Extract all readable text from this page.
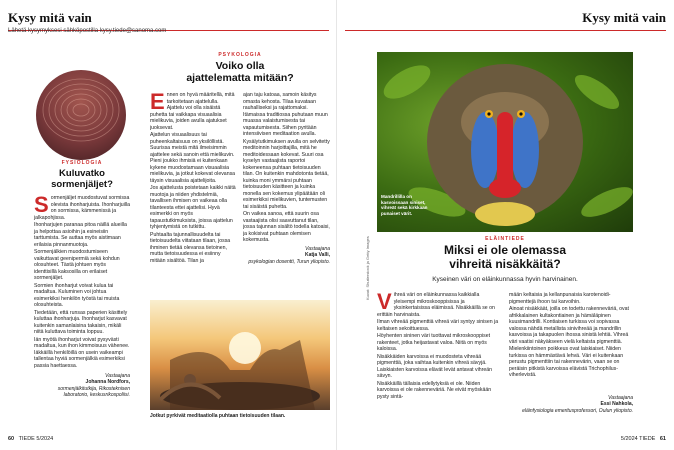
Kysy mitä vain
Lähetä kysymyksesi sähköpostilla kysy.tiede@sanoma.com
FYSIOLOGIA
Kuluvatko
sormenjäljet?

Sormenjäljet muodostuvat sormissa olevista ihonharjuista. Ihonharjuilla on sormissa, kämmenissä ja jalkapohjissa.

Ihonharjujen paranaa pitoa näillä alueilla ja helpottaa asioihin ja esineisiin tarttumista. Se auttaa myös aistimaan erilaisia pinnanmuotoja.

Sormenjälkien muodostumiseen vaikuttavat geenipermiä sekä kohdun olosuhteet. Tästä johtuen myös identtisillä kaksosilla on erilaiset sormenjäljet.

Sormien ihonharjut voivat kulua tai madaltua. Kuluminen voi johtua esimerkiksi henkilön työstä tai muista olosuhteista.

Tiedetään, että runsas paperien käsittely kuluttaa ihonharjuja. Ihonharjut kasvavat kuitenkin samanlaisina takaisin, mikäli niitä kuluttava toiminta loppuu.

Iän myötä ihonharjut voivat pysyvästi madaltua, kun ihon kimmoisuus vähenee. Iäkkäillä henkilöillä on usein vaikeampi tallentaa hyviä sormenjälkiä esimerkiksi passia haettaessa.

Vastaajana
Johanna Nordfors,
sormenjälkitutkija, Rikosteknisen laboratorio, keskusrikospoliisi.
PSYKOLOGIA
Voiko olla
ajattelematta mitään?

Ennen on hyvä määritellä, mitä tarkoitetaan ajattelulla. Ajattelu voi olla sisäistä puhetta tai vaikkapa visuaalisia mielikuvia, joiden avulla ajatukset juoksevat.

Ajattelun visuaalisuus tai puheenkaltaisuus on yksilöllistä. Suurissa meistä mitä ilmeisimmin ajattelee sekä sanoin että mielikuvin. Pieni joukko ihmisiä ei kuitenkaan kykene muodostamaan visuaalisia mielikuvia, ja jotkut kokevat olevansa täysin visuaalisia ajattelijoita.

Jos ajattelusta poistetaan kaikki näitä muotoja ja niiden yhdistelmiä, tavallisen ihmisen on vaikeaa olla tilanteesta ettei ajattelisi. Hyvä esimerkki on myös tapaustutkimuksista, joissa ajattelun tyhjentymistä on tutkittu.

Puhtaalta tajunnallisuudelta tai tietoisuudelta viitataan tilaan, jossa ihminen tietää olevansa tietoinen, mutta tietoisuudessa ei esiinny mitään sisältöä. Tilan ja

ajan taju katoaa, samoin käsitys omasta kehosta. Tilaa kuvataan rauhalliseksi ja rajattomaksi. Itämaissa traditiossa puhutaan muun muassa valaistumisesta tai vapautumisesta. Siihen pyritään intensiivisen meditaation avulla.

Kysälytutkimuksen avulla on selvitetty meditoinnin harjoittajilla, mitä he meditoidessaan kokevat. Suuri osa kyselyn vastaajista raportoi kokeneensa puhtaan tietoisuuden tilan. On kuitenkin mahdotonta tietää, kuinka moni ymmärsi puhtaan tietoisuuden käsitteen ja kuinka monella sen kokemus ylipäätään oli esimerkiksi mielikuvien, tuntemusten tai sisäistä puhetta.

On vaikea sanoa, että suurin osa vastaajista olisi saavuttanut tilan, jossa tajunnan sisältö todella katoaisi, ja kokisivat puhtaan olemisen kokemusta.

Vastaajana
Katja Valli,
psykologian dosentti, Turun yliopisto.
Jotkut pyrkivät meditaatiolla puhtaan tietoisuuden tilaan.
60 TIEDE 5/2024
Kysy mitä vain
Mandrillilla on kasvoissaan siniset, vihreät sekä kirkkaan punaiset värit.
Kuvat: Shutterstock ja Getty Images	ELÄINTIEDE
Miksi ei ole olemassa
vihreitä nisäkkäitä?
Kyseinen väri on eläinkunnassa hyvin harvinainen.

Vihreä väri on eläinkunnassa kaikkialla yleisempi mikroskooppisissa ja yksinkertaisissa eläimissä. Nisäkkäillä se on erittäin harvinaista.

Ilman vihreää pigmenttiä vihreä väri syntyy sinisen ja keltaisen sekoittuessa.

Höyhenten sininen väri tuottavat mikroskooppiset rakenteet, jotka heijastavat valoa. Niitä on myös kaloissa.

Nisäkkäiden karvoissa ei muodosteta vihreää pigmenttiä, joka vaihtaa kuitenkin vihreä sävyjä. Laiskiaisten karvoissa elävät levät antavat vihreän sävyn.

Nisäkkäillä tällaisia edellytyksiä ei ole. Niiden karvoissa ei ole rakenneväriä. Ne eivät myöskään pysty sintä-

mään keltaisia ja kellanpunaisia karotenoidi-pigmenttejä ihoon tai karvoihin.

Ainoat nisäkkäät, joilla on todettu rakenneväriä, ovat afrikkalainen kultakontiainen ja hämäläpinen kuusimandrilli. Kontiaisen turkissa voi sopivassa valossa nähdä metallista sinivihreää ja mandrillin kasvoissa ja takapuolen ihossa sinistä lehtiä. Vihreä väri vaatisi näkyäkseen vielä keltaista pigmenttiä.

Mielenkiintoinen poikkeus ovat laiskiaiset. Niiden turkissa on hämmästävä lehvä. Väri ei kuitenkaan perustu pigmenttiin tai rakennevärin, vaan se on peräisin pitkistä karvoissa elävistä Trichophilus-viherlevistä.

Vastaajana
Essi Nahkola,
eläinfysiologia emeritusprofessori, Oulun yliopisto.
5/2024 TIEDE 61
